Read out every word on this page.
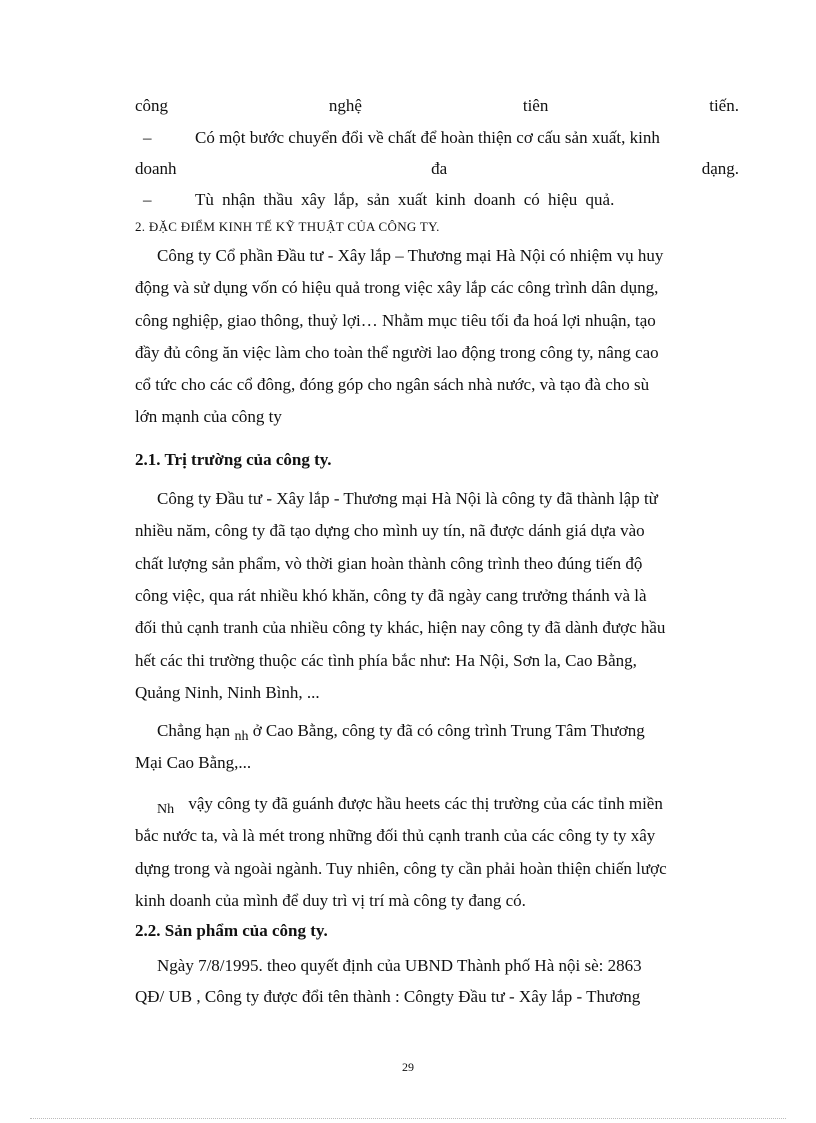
công	nghệ	tiên	tiến.
–	Có một bước chuyển đổi về chất để hoàn thiện cơ cấu sản xuất, kinh
doanh	đa	dạng.
–	Tù nhận thầu xây lắp, sản xuất kinh doanh có hiệu quả.
2. ĐẶC ĐIỂM KINH TẾ KỸ THUẬT CỦA CÔNG TY.
Công ty Cổ phần Đầu tư - Xây lắp – Thương mại Hà Nội có nhiệm vụ huy
động và sử dụng vốn có hiệu quả trong việc xây lắp các công trình dân dụng,
công nghiệp, giao thông, thuỷ lợi… Nhằm mục tiêu tối đa hoá lợi nhuận, tạo
đầy đủ công ăn việc làm cho toàn thể người lao động trong công ty, nâng cao
cổ tức cho các cổ đông, đóng góp cho ngân sách nhà nước, và tạo đà cho sù
lớn mạnh của công ty
2.1. Trị trường của công ty.
Công ty Đầu tư - Xây lắp - Thương mại Hà Nội là công ty đã thành lập từ
nhiều năm, công ty đã tạo dựng cho mình uy tín, nã được dánh giá dựa vào
chất lượng sản phẩm, vò thời gian hoàn thành công trình theo đúng tiến độ
công việc, qua rát nhiều khó khăn, công ty đã ngày cang trưởng thánh và là
đối thủ cạnh tranh của nhiều công ty khác, hiện nay công ty đã dành được hầu
hết các thi trường thuộc các tình phía bắc như: Ha Nội, Sơn la, Cao Bằng,
Quảng Ninh, Ninh Bình, ...
Chẳng hạn $_{nh}$ ở Cao Bằng, công ty đã có công trình Trung Tâm Thương
Mại Cao Bằng,...
$_{Nh}$ vậy công ty đã guánh được hầu heets các thị trường của các tỉnh miền
bắc nước ta, và là mét trong những đối thủ cạnh tranh của các công ty ty xây
dựng trong và ngoài ngành. Tuy nhiên, công ty cần phải hoàn thiện chiến lược
kinh doanh của mình để duy trì vị trí mà công ty đang có.
2.2. Sản phẩm của công ty.
Ngày 7/8/1995. theo quyết định của UBND Thành phố Hà nội sè: 2863
QĐ/ UB , Công ty được đổi tên thành : Côngty Đầu tư - Xây lắp - Thương
29
